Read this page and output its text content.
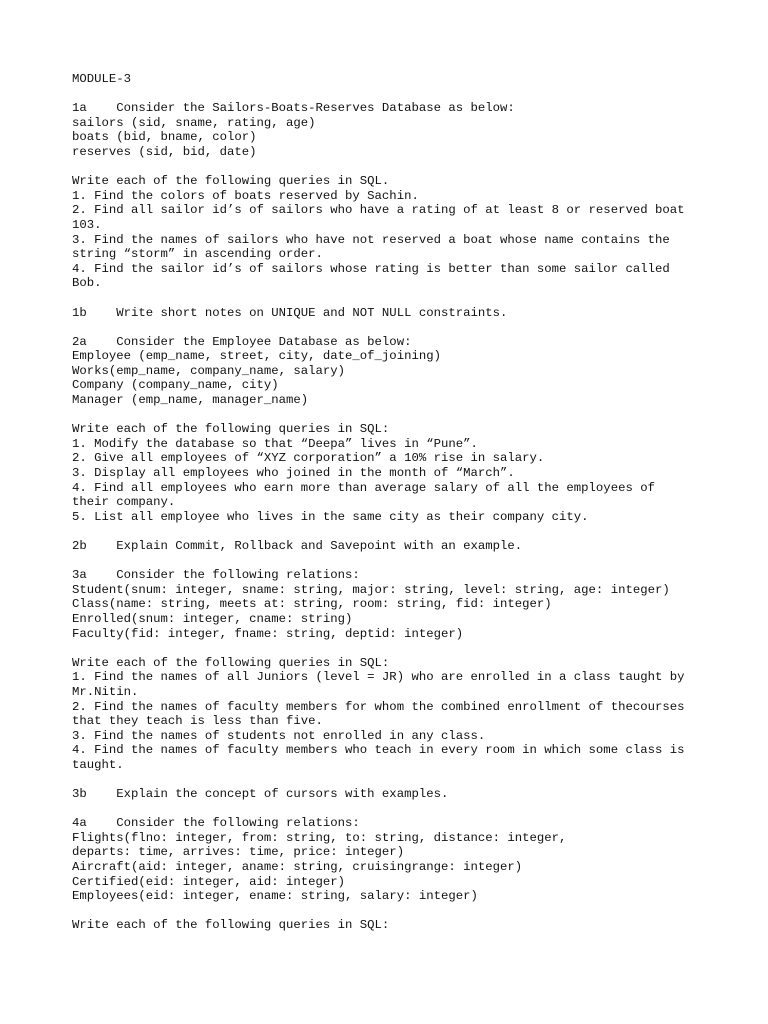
MODULE-3
1a    Consider the Sailors-Boats-Reserves Database as below:
sailors (sid, sname, rating, age)
boats (bid, bname, color)
reserves (sid, bid, date)
Write each of the following queries in SQL.
1. Find the colors of boats reserved by Sachin.
2. Find all sailor id’s of sailors who have a rating of at least 8 or reserved boat
103.
3. Find the names of sailors who have not reserved a boat whose name contains the
string “storm” in ascending order.
4. Find the sailor id’s of sailors whose rating is better than some sailor called
Bob.
1b    Write short notes on UNIQUE and NOT NULL constraints.
2a    Consider the Employee Database as below:
Employee (emp_name, street, city, date_of_joining)
Works(emp_name, company_name, salary)
Company (company_name, city)
Manager (emp_name, manager_name)
Write each of the following queries in SQL:
1. Modify the database so that “Deepa” lives in “Pune”.
2. Give all employees of “XYZ corporation” a 10% rise in salary.
3. Display all employees who joined in the month of “March”.
4. Find all employees who earn more than average salary of all the employees of
their company.
5. List all employee who lives in the same city as their company city.
2b    Explain Commit, Rollback and Savepoint with an example.
3a    Consider the following relations:
Student(snum: integer, sname: string, major: string, level: string, age: integer)
Class(name: string, meets at: string, room: string, fid: integer)
Enrolled(snum: integer, cname: string)
Faculty(fid: integer, fname: string, deptid: integer)
Write each of the following queries in SQL:
1. Find the names of all Juniors (level = JR) who are enrolled in a class taught by
Mr.Nitin.
2. Find the names of faculty members for whom the combined enrollment of thecourses
that they teach is less than five.
3. Find the names of students not enrolled in any class.
4. Find the names of faculty members who teach in every room in which some class is
taught.
3b    Explain the concept of cursors with examples.
4a    Consider the following relations:
Flights(flno: integer, from: string, to: string, distance: integer,
departs: time, arrives: time, price: integer)
Aircraft(aid: integer, aname: string, cruisingrange: integer)
Certified(eid: integer, aid: integer)
Employees(eid: integer, ename: string, salary: integer)
Write each of the following queries in SQL:
